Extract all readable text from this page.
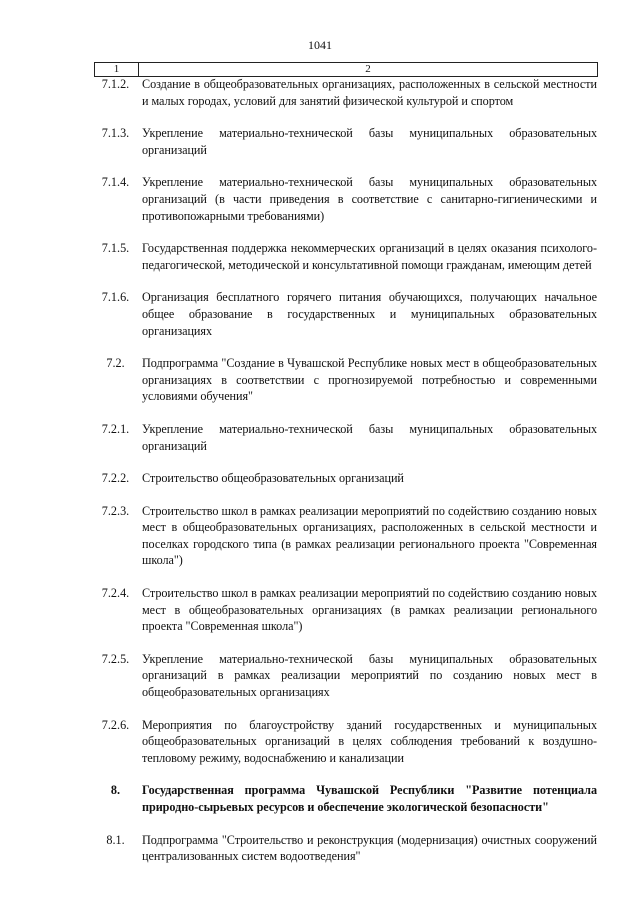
1041
1	2
7.1.2.	Создание в общеобразовательных организациях, расположенных в сельской местности и малых городах, условий для занятий физической культурой и спортом
7.1.3.	Укрепление материально-технической базы муниципальных образовательных организаций
7.1.4.	Укрепление материально-технической базы муниципальных образовательных организаций (в части приведения в соответствие с санитарно-гигиеническими и противопожарными требованиями)
7.1.5.	Государственная поддержка некоммерческих организаций в целях оказания психолого-педагогической, методической и консультативной помощи гражданам, имеющим детей
7.1.6.	Организация бесплатного горячего питания обучающихся, получающих начальное общее образование в государственных и муниципальных образовательных организациях
7.2.	Подпрограмма "Создание в Чувашской Республике новых мест в общеобразовательных организациях в соответствии с прогнозируемой потребностью и современными условиями обучения"
7.2.1.	Укрепление материально-технической базы муниципальных образовательных организаций
7.2.2.	Строительство общеобразовательных организаций
7.2.3.	Строительство школ в рамках реализации мероприятий по содействию созданию новых мест в общеобразовательных организациях, расположенных в сельской местности и поселках городского типа (в рамках реализации регионального проекта "Современная школа")
7.2.4.	Строительство школ в рамках реализации мероприятий по содействию созданию новых мест в общеобразовательных организациях (в рамках реализации регионального проекта "Современная школа")
7.2.5.	Укрепление материально-технической базы муниципальных образовательных организаций в рамках реализации мероприятий по созданию новых мест в общеобразовательных организациях
7.2.6.	Мероприятия по благоустройству зданий государственных и муниципальных общеобразовательных организаций в целях соблюдения требований к воздушно-тепловому режиму, водоснабжению и канализации
8.	Государственная программа Чувашской Республики "Развитие потенциала природно-сырьевых ресурсов и обеспечение экологической безопасности"
8.1.	Подпрограмма "Строительство и реконструкция (модернизация) очистных сооружений централизованных систем водоотведения"
